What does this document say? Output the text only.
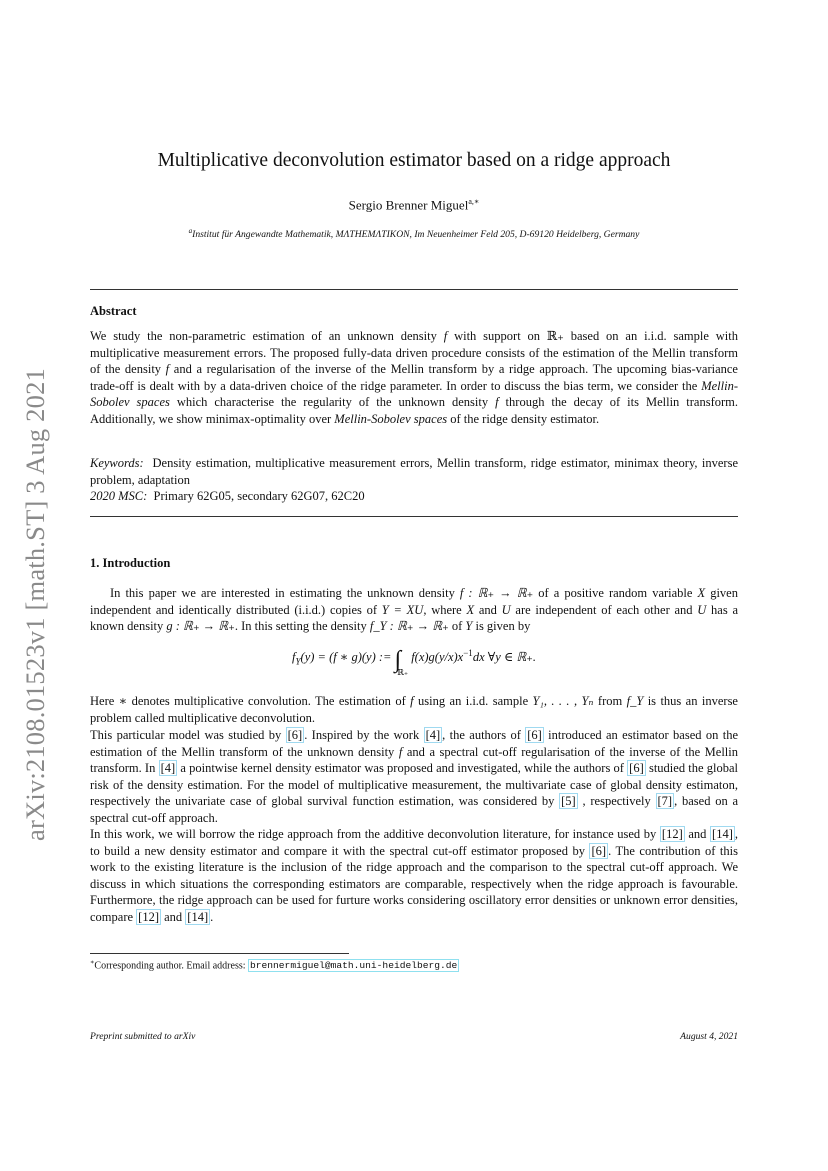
arXiv:2108.01523v1 [math.ST] 3 Aug 2021
Multiplicative deconvolution estimator based on a ridge approach
Sergio Brenner Miguel$^{a,∗}$
$^a$Institut für Angewandte Mathematik, MΛTHEMΛTIKON, Im Neuenheimer Feld 205, D-69120 Heidelberg, Germany
Abstract

We study the non-parametric estimation of an unknown density f with support on ℝ₊ based on an i.i.d. sample with multiplicative measurement errors. The proposed fully-data driven procedure consists of the estimation of the Mellin transform of the density f and a regularisation of the inverse of the Mellin transform by a ridge approach. The upcoming bias-variance trade-off is dealt with by a data-driven choice of the ridge parameter. In order to discuss the bias term, we consider the Mellin-Sobolev spaces which characterise the regularity of the unknown density f through the decay of its Mellin transform. Additionally, we show minimax-optimality over Mellin-Sobolev spaces of the ridge density estimator.

Keywords: Density estimation, multiplicative measurement errors, Mellin transform, ridge estimator, minimax theory, inverse problem, adaptation

2020 MSC: Primary 62G05, secondary 62G07, 62C20

1. Introduction

In this paper we are interested in estimating the unknown density f : ℝ₊ → ℝ₊ of a positive random variable X given independent and identically distributed (i.i.d.) copies of Y = XU, where X and U are independent of each other and U has a known density g : ℝ₊ → ℝ₊. In this setting the density f_Y : ℝ₊ → ℝ₊ of Y is given by

$f_Y(y) = (f$ ∗ g)(y) := $\int_{ℝ_+}$ $f(x)g(y/x)x^{-1}dx$ ∀y ∈ ℝ₊.

Here ∗ denotes multiplicative convolution. The estimation of f using an i.i.d. sample Y₁, . . . , Yₙ from f_Y is thus an inverse problem called multiplicative deconvolution.

This particular model was studied by [6] . Inspired by the work [4] , the authors of [6] introduced an estimator based on the estimation of the Mellin transform of the unknown density f and a spectral cut-off regularisation of the inverse of the Mellin transform. In [4] a pointwise kernel density estimator was proposed and investigated, while the authors of [6] studied the global risk of the density estimation. For the model of multiplicative measurement, the multivariate case of global density estimaton, respectively the univariate case of global survival function estimation, was considered by [5] , respectively [7] , based on a spectral cut-off approach.

In this work, we will borrow the ridge approach from the additive deconvolution literature, for instance used by [12] and [14] , to build a new density estimator and compare it with the spectral cut-off estimator proposed by [6] . The contribution of this work to the existing literature is the inclusion of the ridge approach and the comparison to the spectral cut-off approach. We discuss in which situations the corresponding estimators are comparable, respectively when the ridge approach is favourable. Furthermore, the ridge approach can be used for furture works considering oscillatory error densities or unknown error densities, compare [12] and [14] .

∗Corresponding author. Email address: brennermiguel@math.uni-heidelberg.de
Preprint submitted to arXiv	August 4, 2021
